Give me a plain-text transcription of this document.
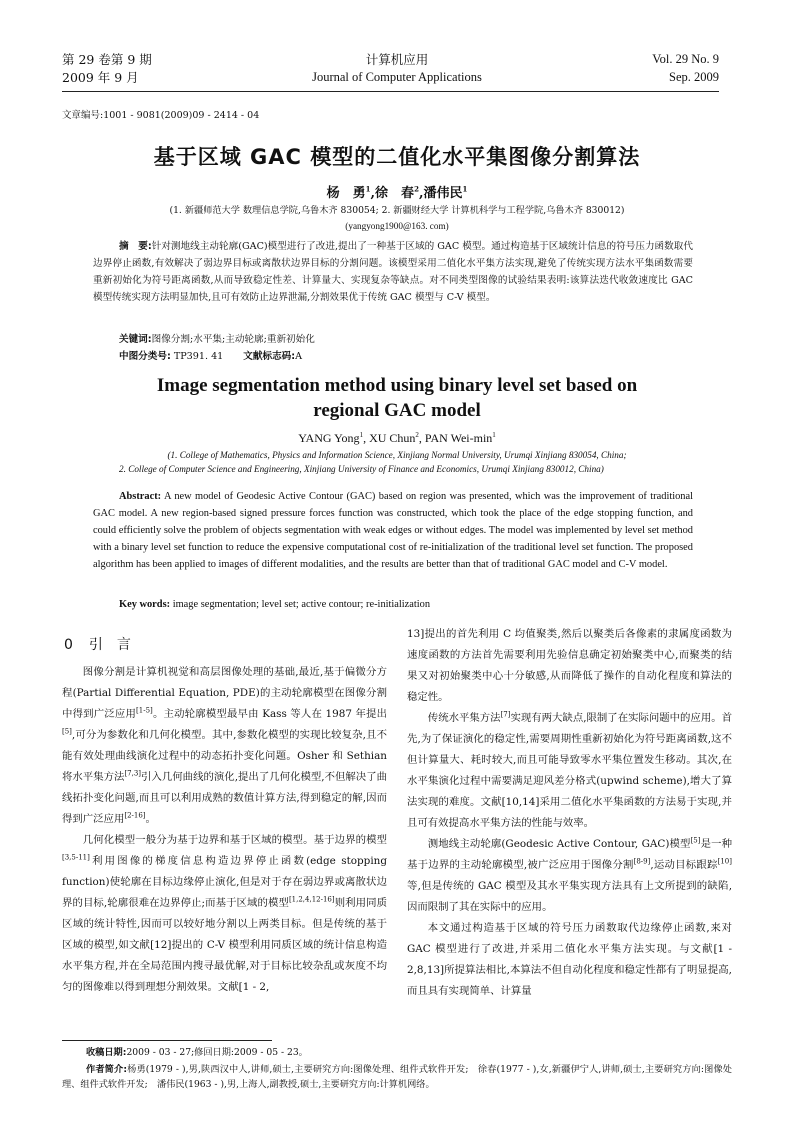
第 29 卷第 9 期
2009 年 9 月
计算机应用
Journal of Computer Applications
Vol. 29 No. 9
Sep. 2009
文章编号:1001 - 9081(2009)09 - 2414 - 04
基于区域 GAC 模型的二值化水平集图像分割算法
杨　勇$^1$,徐　春$^2$,潘伟民$^1$
(1. 新疆师范大学 数理信息学院,乌鲁木齐 830054; 2. 新疆财经大学 计算机科学与工程学院,乌鲁木齐 830012)
(yangyong1900@163. com)
摘　要:针对测地线主动轮廓(GAC)模型进行了改进,提出了一种基于区域的 GAC 模型。通过构造基于区域统计信息的符号压力函数取代边界停止函数,有效解决了弱边界目标或离散状边界目标的分割问题。该模型采用二值化水平集方法实现,避免了传统实现方法水平集函数需要重新初始化为符号距离函数,从而导致稳定性差、计算量大、实现复杂等缺点。对不同类型图像的试验结果表明:该算法迭代收敛速度比 GAC 模型传统实现方法明显加快,且可有效防止边界泄漏,分割效果优于传统 GAC 模型与 C-V 模型。
关键词:图像分割;水平集;主动轮廓;重新初始化
中图分类号: TP391. 41 文献标志码:A
Image segmentation method using binary level set based on
regional GAC model
YANG Yong$^1$, XU Chun$^2$, PAN Wei-$\min^1$
(1. College of Mathematics, Physics and Information Science, Xinjiang Normal University, Urumqi Xinjiang 830054, China;
2. College of Computer Science and Engineering, Xinjiang University of Finance and Economics, Urumqi Xinjiang 830012, China)
Abstract: A new model of Geodesic Active Contour (GAC) based on region was presented, which was the improvement of traditional GAC model. A new region-based signed pressure forces function was constructed, which took the place of the edge stopping function, and could efficiently solve the problem of objects segmentation with weak edges or without edges. The model was implemented by level set method with a binary level set function to reduce the expensive computational cost of re-initialization of the traditional level set function. The proposed algorithm has been applied to images of different modalities, and the results are better than that of traditional GAC model and C-V model.
Key words: image segmentation; level set; active contour; re-initialization
0 引　言

图像分割是计算机视觉和高层图像处理的基础,最近,基于偏微分方程(Partial Differential Equation, PDE)的主动轮廓模型在图像分割中得到广泛应用[1-5]。主动轮廓模型最早由 Kass 等人在 1987 年提出[5],可分为参数化和几何化模型。其中,参数化模型的实现比较复杂,且不能有效处理曲线演化过程中的动态拓扑变化问题。Osher 和 Sethian 将水平集方法[7,3]引入几何曲线的演化,提出了几何化模型,不但解决了曲线拓扑变化问题,而且可以利用成熟的数值计算方法,得到稳定的解,因而得到广泛应用[2-16]。

几何化模型一般分为基于边界和基于区域的模型。基于边界的模型[3,5-11]利用图像的梯度信息构造边界停止函数(edge stopping function)使轮廓在目标边缘停止演化,但是对于存在弱边界或离散状边界的目标,轮廓很难在边界停止;而基于区域的模型[1,2,4,12-16]则利用同质区域的统计特性,因而可以较好地分割以上两类目标。但是传统的基于区域的模型,如文献[12]提出的 C-V 模型利用同质区域的统计信息构造水平集方程,并在全局范围内搜寻最优解,对于目标比较杂乱或灰度不均匀的图像难以得到理想分割效果。文献[1 - 2,

13]提出的首先利用 C 均值聚类,然后以聚类后各像素的隶属度函数为速度函数的方法首先需要利用先验信息确定初始聚类中心,而聚类的结果又对初始聚类中心十分敏感,从而降低了操作的自动化程度和算法的稳定性。

传统水平集方法[7]实现有两大缺点,限制了在实际问题中的应用。首先,为了保证演化的稳定性,需要周期性重新初始化为符号距离函数,这不但计算量大、耗时较大,而且可能导致零水平集位置发生移动。其次,在水平集演化过程中需要满足迎风差分格式(upwind scheme),增大了算法实现的难度。文献[10,14]采用二值化水平集函数的方法易于实现,并且可有效提高水平集方法的性能与效率。

测地线主动轮廓(Geodesic Active Contour, GAC)模型[5]是一种基于边界的主动轮廓模型,被广泛应用于图像分割[8-9],运动目标跟踪[10]等,但是传统的 GAC 模型及其水平集实现方法具有上文所提到的缺陷,因而限制了其在实际中的应用。

本文通过构造基于区域的符号压力函数取代边缘停止函数,来对 GAC 模型进行了改进,并采用二值化水平集方法实现。与文献[1 - 2,8,13]所提算法相比,本算法不但自动化程度和稳定性都有了明显提高,而且具有实现简单、计算量

收稿日期:2009 - 03 - 27;修回日期:2009 - 05 - 23。
作者简介:杨勇(1979 - ),男,陕西汉中人,讲师,硕士,主要研究方向:图像处理、组件式软件开发;　徐春(1977 - ),女,新疆伊宁人,讲师,硕士,主要研究方向:图像处理、组件式软件开发;　潘伟民(1963 - ),男,上海人,副教授,硕士,主要研究方向:计算机网络。
